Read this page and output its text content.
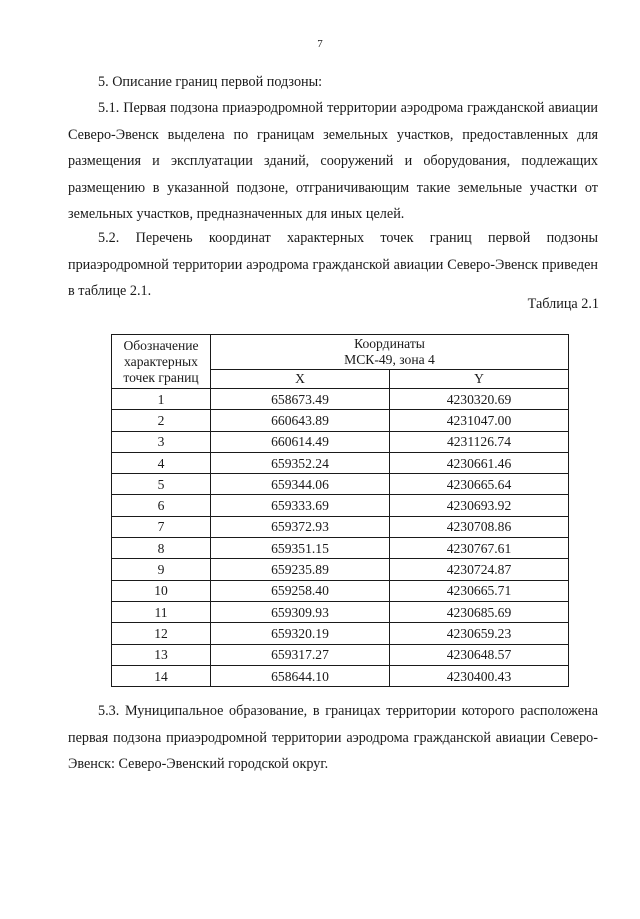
7

5. Описание границ первой подзоны:

5.1. Первая подзона приаэродромной территории аэродрома гражданской авиации Северо-Эвенск выделена по границам земельных участков, предоставленных для размещения и эксплуатации зданий, сооружений и оборудования, подлежащих размещению в указанной подзоне, отграничивающим такие земельные участки от земельных участков, предназначенных для иных целей.

5.2. Перечень координат характерных точек границ первой подзоны приаэродромной территории аэродрома гражданской авиации Северо-Эвенск приведен в таблице 2.1.

Таблица 2.1
Обозначение
характерных
точек границ	Координаты
МСК-49, зона 4	

	X	Y
1	658673.49	4230320.69
2	660643.89	4231047.00
3	660614.49	4231126.74
4	659352.24	4230661.46
5	659344.06	4230665.64
6	659333.69	4230693.92
7	659372.93	4230708.86
8	659351.15	4230767.61
9	659235.89	4230724.87
10	659258.40	4230665.71
11	659309.93	4230685.69
12	659320.19	4230659.23
13	659317.27	4230648.57
14	658644.10	4230400.43

5.3. Муниципальное образование, в границах территории которого расположена первая подзона приаэродромной территории аэродрома гражданской авиации Северо-Эвенск: Северо-Эвенский городской округ.
